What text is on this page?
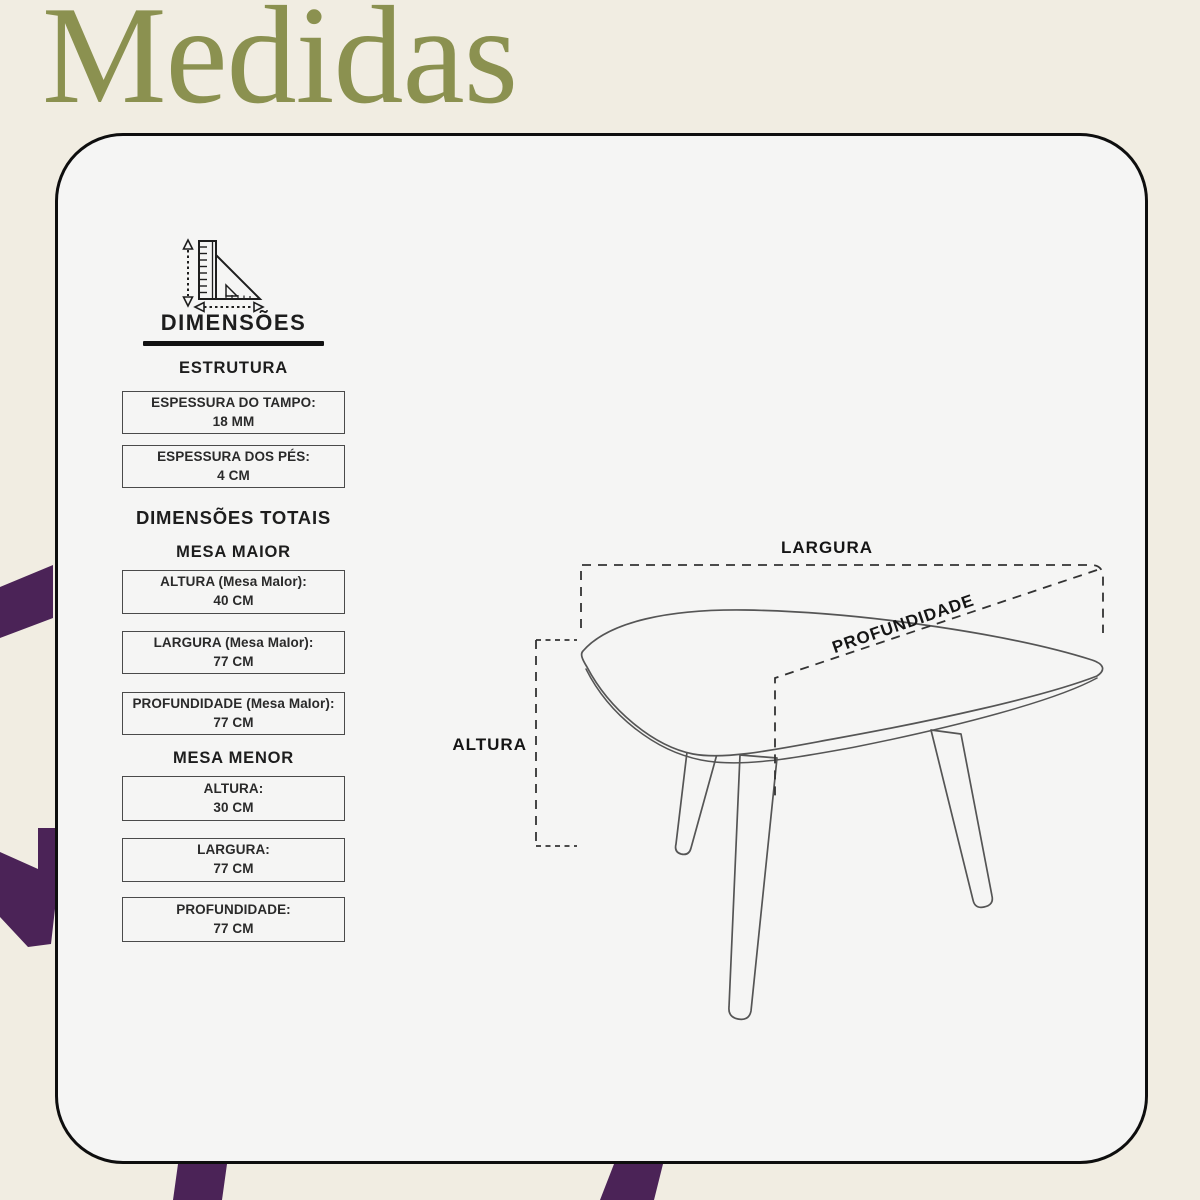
Medidas
DIMENSÕES
ESTRUTURA
ESPESSURA DO TAMPO:
18 MM
ESPESSURA DOS PÉS:
4 CM
DIMENSÕES TOTAIS
MESA MAIOR
ALTURA (Mesa MaIor):
40 CM
LARGURA (Mesa MaIor):
77 CM
PROFUNDIDADE (Mesa MaIor):
77 CM
MESA MENOR
ALTURA:
30 CM
LARGURA:
77 CM
PROFUNDIDADE:
77 CM
LARGURA
PROFUNDIDADE
ALTURA
